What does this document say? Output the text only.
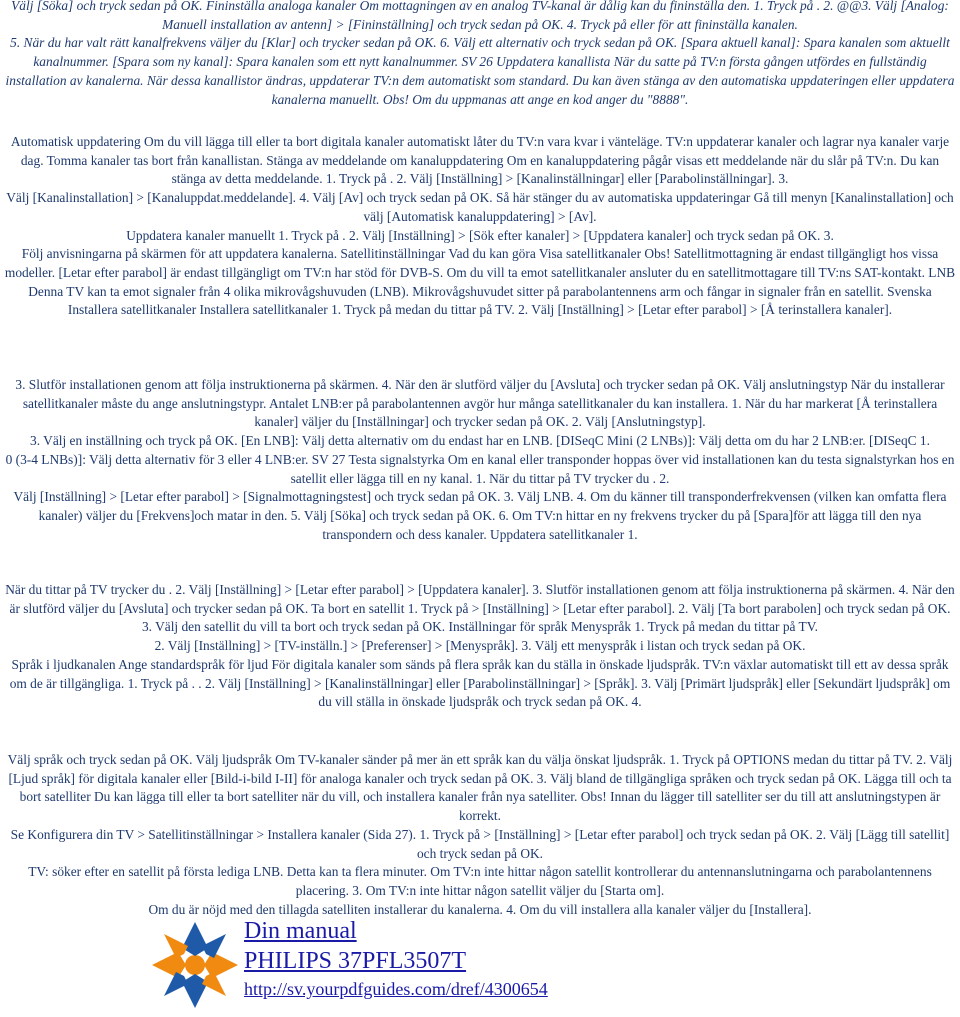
Välj [Söka] och tryck sedan på OK. Fininställa analoga kanaler Om mottagningen av en analog TV-kanal är dålig kan du fininställa den. 1. Tryck på . 2. @@3. Välj [Analog: Manuell installation av antenn] > [Fininställning] och tryck sedan på OK. 4. Tryck på eller för att fininställa kanalen.

5. När du har valt rätt kanalfrekvens väljer du [Klar] och trycker sedan på OK. 6. Välj ett alternativ och tryck sedan på OK. [Spara aktuell kanal]: Spara kanalen som aktuellt kanalnummer. [Spara som ny kanal]: Spara kanalen som ett nytt kanalnummer. SV 26 Uppdatera kanallista När du satte på TV:n första gången utfördes en fullständig installation av kanalerna. När dessa kanallistor ändras, uppdaterar TV:n dem automatiskt som standard. Du kan även stänga av den automatiska uppdateringen eller uppdatera kanalerna manuellt. Obs! Om du uppmanas att ange en kod anger du "8888".

Automatisk uppdatering Om du vill lägga till eller ta bort digitala kanaler automatiskt låter du TV:n vara kvar i vänteläge. TV:n uppdaterar kanaler och lagrar nya kanaler varje dag. Tomma kanaler tas bort från kanallistan. Stänga av meddelande om kanaluppdatering Om en kanaluppdatering pågår visas ett meddelande när du slår på TV:n. Du kan stänga av detta meddelande. 1. Tryck på . 2. Välj [Inställning] > [Kanalinställningar] eller [Parabolinställningar]. 3.

Välj [Kanalinstallation] > [Kanaluppdat.meddelande]. 4. Välj [Av] och tryck sedan på OK. Så här stänger du av automatiska uppdateringar Gå till menyn [Kanalinstallation] och välj [Automatisk kanaluppdatering] > [Av].

Uppdatera kanaler manuellt 1. Tryck på . 2. Välj [Inställning] > [Sök efter kanaler] > [Uppdatera kanaler] och tryck sedan på OK. 3.

Följ anvisningarna på skärmen för att uppdatera kanalerna. Satellitinställningar Vad du kan göra Visa satellitkanaler Obs! Satellitmottagning är endast tillgängligt hos vissa modeller. [Letar efter parabol] är endast tillgängligt om TV:n har stöd för DVB-S. Om du vill ta emot satellitkanaler ansluter du en satellitmottagare till TV:ns SAT-kontakt. LNB Denna TV kan ta emot signaler från 4 olika mikrovågshuvuden (LNB). Mikrovågshuvudet sitter på parabolantennens arm och fångar in signaler från en satellit. Svenska Installera satellitkanaler Installera satellitkanaler 1. Tryck på medan du tittar på TV. 2. Välj [Inställning] > [Letar efter parabol] > [Å terinstallera kanaler].

3. Slutför installationen genom att följa instruktionerna på skärmen. 4. När den är slutförd väljer du [Avsluta] och trycker sedan på OK. Välj anslutningstyp När du installerar satellitkanaler måste du ange anslutningstypr. Antalet LNB:er på parabolantennen avgör hur många satellitkanaler du kan installera. 1. När du har markerat [Å terinstallera kanaler] väljer du [Inställningar] och trycker sedan på OK. 2. Välj [Anslutningstyp].

3. Välj en inställning och tryck på OK. [En LNB]: Välj detta alternativ om du endast har en LNB. [DISeqC Mini (2 LNBs)]: Välj detta om du har 2 LNB:er. [DISeqC 1.

0 (3-4 LNBs)]: Välj detta alternativ för 3 eller 4 LNB:er. SV 27 Testa signalstyrka Om en kanal eller transponder hoppas över vid installationen kan du testa signalstyrkan hos en satellit eller lägga till en ny kanal. 1. När du tittar på TV trycker du . 2.

Välj [Inställning] > [Letar efter parabol] > [Signalmottagningstest] och tryck sedan på OK. 3. Välj LNB. 4. Om du känner till transponderfrekvensen (vilken kan omfatta flera kanaler) väljer du [Frekvens]och matar in den. 5. Välj [Söka] och tryck sedan på OK. 6. Om TV:n hittar en ny frekvens trycker du på [Spara]för att lägga till den nya transpondern och dess kanaler. Uppdatera satellitkanaler 1.

När du tittar på TV trycker du . 2. Välj [Inställning] > [Letar efter parabol] > [Uppdatera kanaler]. 3. Slutför installationen genom att följa instruktionerna på skärmen. 4. När den är slutförd väljer du [Avsluta] och trycker sedan på OK. Ta bort en satellit 1. Tryck på > [Inställning] > [Letar efter parabol]. 2. Välj [Ta bort parabolen] och tryck sedan på OK. 3. Välj den satellit du vill ta bort och tryck sedan på OK. Inställningar för språk Menyspråk 1. Tryck på medan du tittar på TV.

2. Välj [Inställning] > [TV-inställn.] > [Preferenser] > [Menyspråk]. 3. Välj ett menyspråk i listan och tryck sedan på OK.

Språk i ljudkanalen Ange standardspråk för ljud För digitala kanaler som sänds på flera språk kan du ställa in önskade ljudspråk. TV:n växlar automatiskt till ett av dessa språk om de är tillgängliga. 1. Tryck på . . 2. Välj [Inställning] > [Kanalinställningar] eller [Parabolinställningar] > [Språk]. 3. Välj [Primärt ljudspråk] eller [Sekundärt ljudspråk] om du vill ställa in önskade ljudspråk och tryck sedan på OK. 4.

Välj språk och tryck sedan på OK. Välj ljudspråk Om TV-kanaler sänder på mer än ett språk kan du välja önskat ljudspråk. 1. Tryck på OPTIONS medan du tittar på TV. 2. Välj [Ljud språk] för digitala kanaler eller [Bild-i-bild I-II] för analoga kanaler och tryck sedan på OK. 3. Välj bland de tillgängliga språken och tryck sedan på OK. Lägga till och ta bort satelliter Du kan lägga till eller ta bort satelliter när du vill, och installera kanaler från nya satelliter. Obs! Innan du lägger till satelliter ser du till att anslutningstypen är korrekt.

Se Konfigurera din TV > Satellitinställningar > Installera kanaler (Sida 27). 1. Tryck på > [Inställning] > [Letar efter parabol] och tryck sedan på OK. 2. Välj [Lägg till satellit] och tryck sedan på OK.

TV: söker efter en satellit på första lediga LNB. Detta kan ta flera minuter. Om TV:n inte hittar någon satellit kontrollerar du antennanslutningarna och parabolantennens placering. 3. Om TV:n inte hittar någon satellit väljer du [Starta om].

Om du är nöjd med den tillagda satelliten installerar du kanalerna. 4. Om du vill installera alla kanaler väljer du [Installera].

Din manual
PHILIPS 37PFL3507T
http://sv.yourpdfguides.com/dref/4300654
